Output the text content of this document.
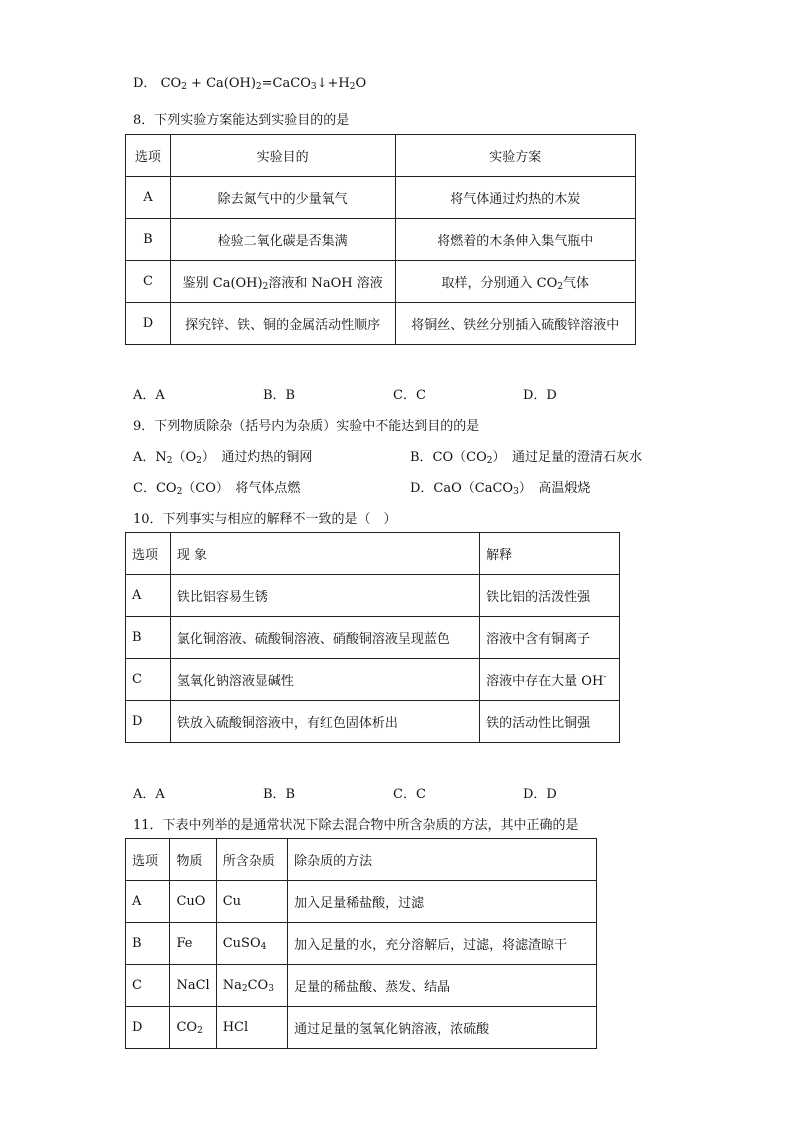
D． $CO_2$ + $Ca(OH)_2=CaCO_3↓+H_2O$
8．下列实验方案能达到实验目的的是
选项	实验目的	实验方案
A	除去氮气中的少量氧气	将气体通过灼热的木炭
B	检验二氧化碳是否集满	将燃着的木条伸入集气瓶中
C	鉴别 $Ca(OH)_2$溶液和 NaOH 溶液	取样，分别通入 $CO_2$气体
D	探究锌、铁、铜的金属活动性顺序	将铜丝、铁丝分别插入硫酸锌溶液中
A．A	B．B	C．C	D．D
9．下列物质除杂（括号内为杂质）实验中不能达到目的的是
A．$N_2(O_2)$　通过灼热的铜网	B．$CO(CO_2)$　通过足量的澄清石灰水
C．$CO_2(CO)$　将气体点燃	D．CaO（CaCO$_3$）　高温煅烧
10．下列事实与相应的解释不一致的是（　）
选项	现 象	解释
A	铁比铝容易生锈	铁比铝的活泼性强
B	氯化铜溶液、硫酸铜溶液、硝酸铜溶液呈现蓝色	溶液中含有铜离子
C	氢氧化钠溶液显碱性	溶液中存在大量 OH-
D	铁放入硫酸铜溶液中，有红色固体析出	铁的活动性比铜强
A．A	B．B	C．C	D．D
11．下表中列举的是通常状况下除去混合物中所含杂质的方法，其中正确的是
选项	物质	所含杂质	除杂质的方法
A	CuO	Cu	加入足量稀盐酸，过滤
B	Fe	CuSO$_4$	加入足量的水，充分溶解后，过滤，将滤渣晾干
C	NaCl	$Na_2CO_3$	足量的稀盐酸、蒸发、结晶
D	$CO_2$	HCl	通过足量的氢氧化钠溶液，浓硫酸
